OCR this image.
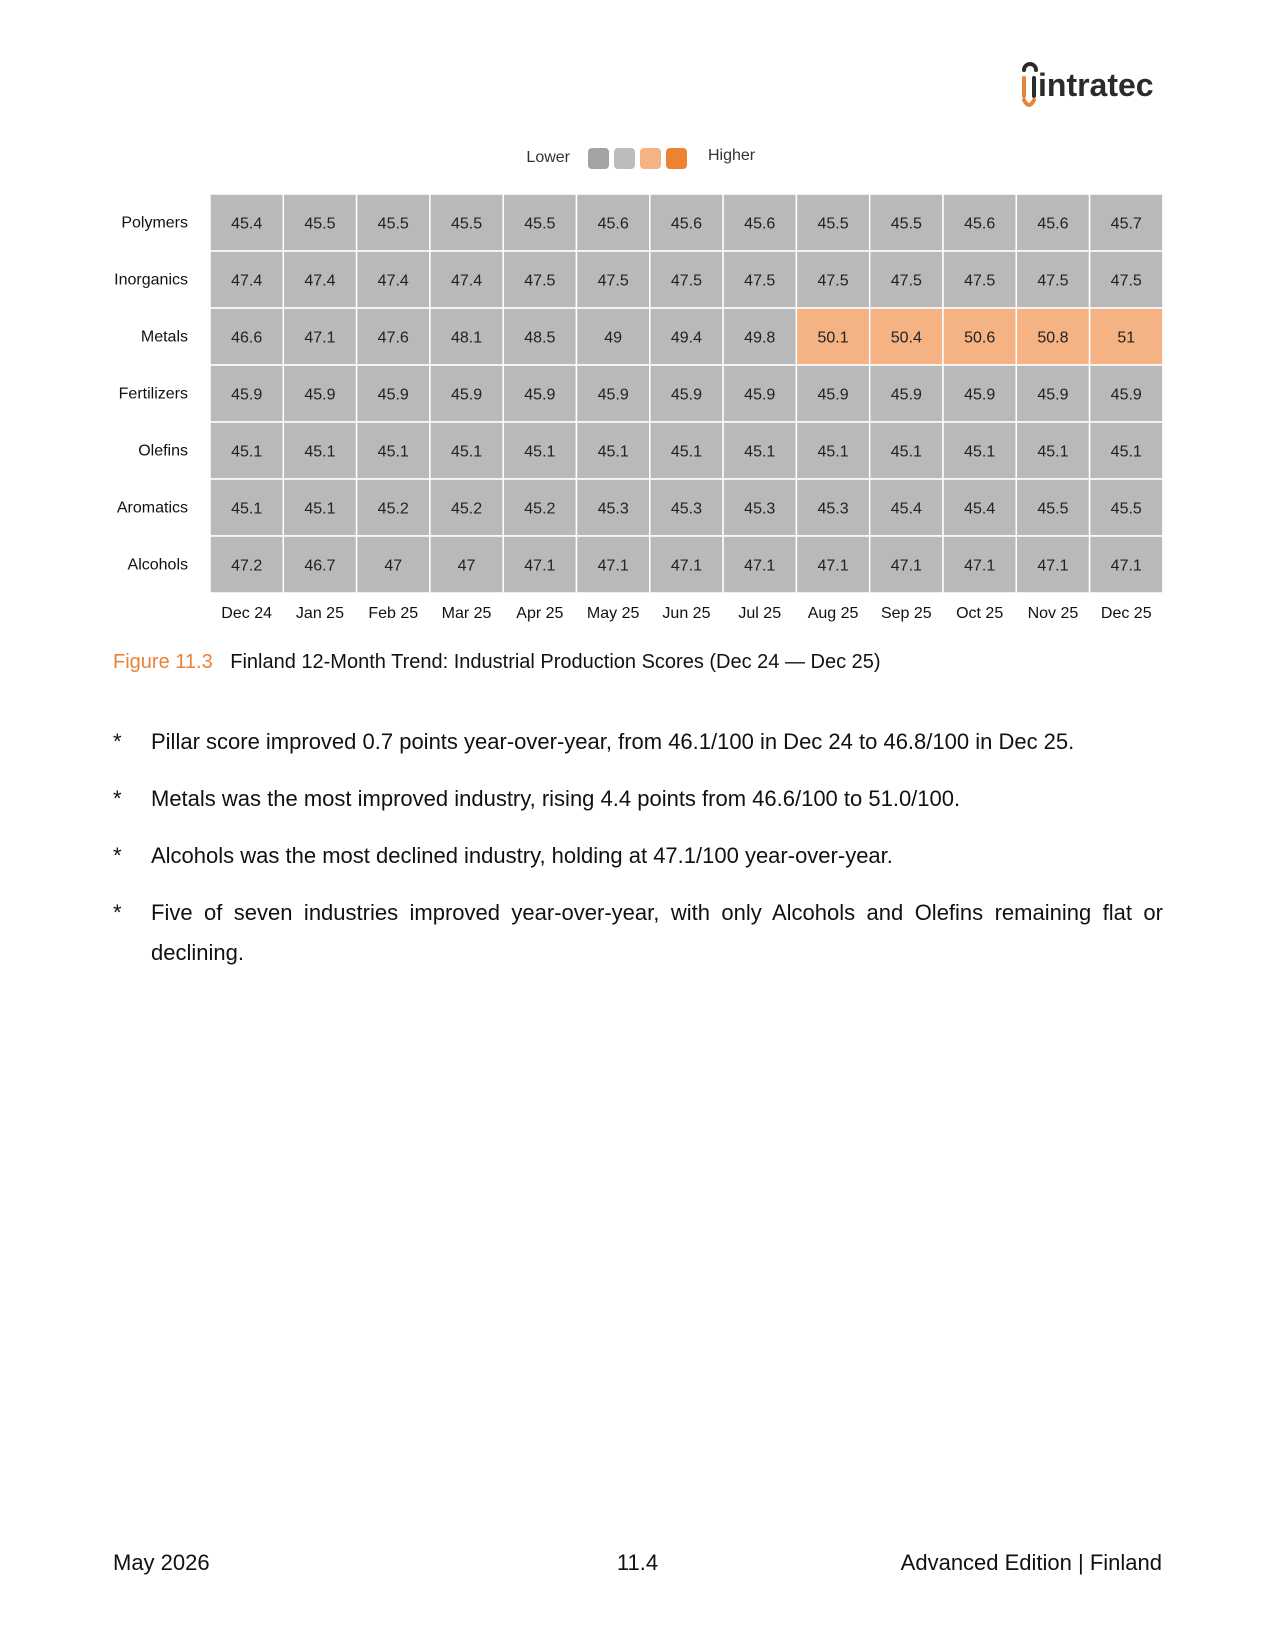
intratec
Lower	Higher
Polymers	45.4	45.5	45.5	45.5	45.5	45.6	45.6	45.6	45.5	45.5	45.6	45.6	45.7
Inorganics	47.4	47.4	47.4	47.4	47.5	47.5	47.5	47.5	47.5	47.5	47.5	47.5	47.5
Metals	46.6	47.1	47.6	48.1	48.5	49	49.4	49.8	50.1	50.4	50.6	50.8	51
Fertilizers	45.9	45.9	45.9	45.9	45.9	45.9	45.9	45.9	45.9	45.9	45.9	45.9	45.9
Olefins	45.1	45.1	45.1	45.1	45.1	45.1	45.1	45.1	45.1	45.1	45.1	45.1	45.1
Aromatics	45.1	45.1	45.2	45.2	45.2	45.3	45.3	45.3	45.3	45.4	45.4	45.5	45.5
Alcohols	47.2	46.7	47	47	47.1	47.1	47.1	47.1	47.1	47.1	47.1	47.1	47.1
Dec 24 Jan 25 Feb 25 Mar 25 Apr 25 May 25 Jun 25 Jul 25 Aug 25 Sep 25 Oct 25 Nov 25 Dec 25
Figure 11.3 Finland 12-Month Trend: Industrial Production Scores (Dec 24 — Dec 25)
* Pillar score improved 0.7 points year-over-year, from 46.1/100 in Dec 24 to 46.8/100 in Dec 25.
* Metals was the most improved industry, rising 4.4 points from 46.6/100 to 51.0/100.
* Alcohols was the most declined industry, holding at 47.1/100 year-over-year.
* Five of seven industries improved year-over-year, with only Alcohols and Olefins remaining flat or declining.
May 2026	11.4	Advanced Edition | Finland
